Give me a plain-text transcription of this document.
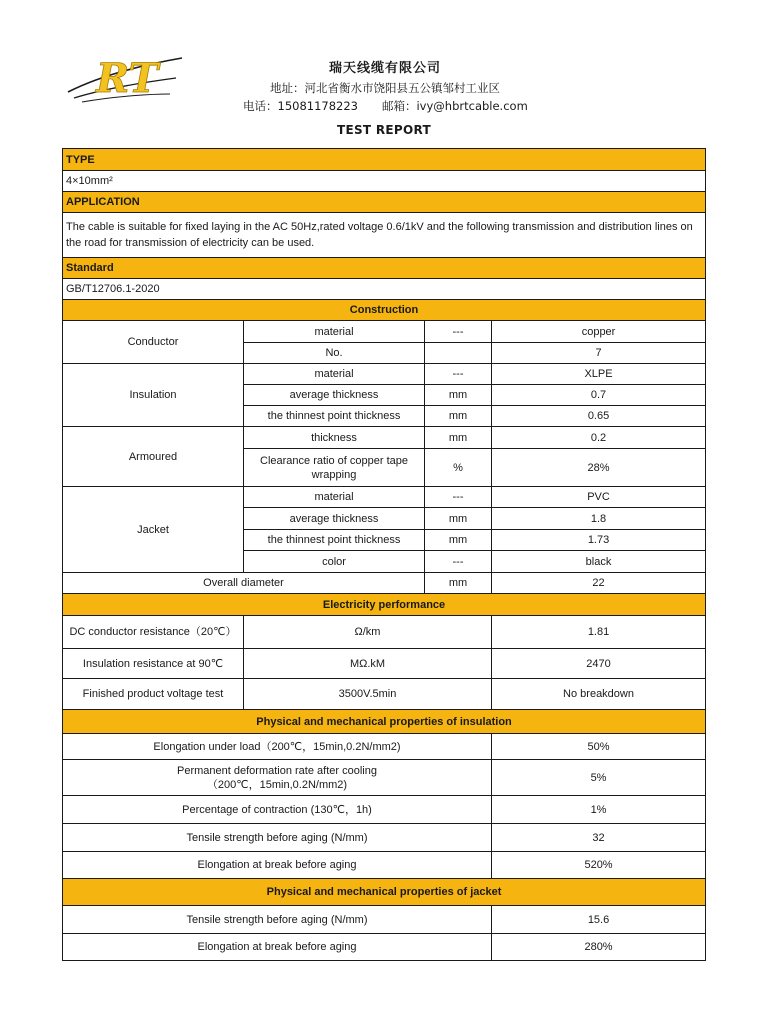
RT	瑞天线缆有限公司
地址：河北省衡水市饶阳县五公镇邹村工业区
电话：15081178223 邮箱：ivy@hbrtcable.com
TEST REPORT
TYPE			
4×10mm²			
APPLICATION			
The cable is suitable for fixed laying in the AC 50Hz,rated voltage 0.6/1kV and the following transmission and distribution lines on the road for transmission of electricity can be used.			
Standard			
GB/T12706.1-2020			
Construction			
Conductor	material	---	copper
	No.		7
Insulation	material	---	XLPE
	average thickness	mm	0.7
	the thinnest point thickness	mm	0.65
Armoured	thickness	mm	0.2
	Clearance ratio of copper tape wrapping	%	28%
Jacket	material	---	PVC
	average thickness	mm	1.8
	the thinnest point thickness	mm	1.73
	color	---	black
Overall diameter		mm	22
Electricity performance			
DC conductor resistance（20℃）	Ω/km		1.81
Insulation resistance at 90℃	MΩ.kM		2470
Finished product voltage test	3500V.5min		No breakdown
Physical and mechanical properties of insulation			
Elongation under load（200℃，15min,0.2N/mm2)			50%
Permanent deformation rate after cooling （200℃，15min,0.2N/mm2)			5%
Percentage of contraction (130℃，1h)			1%
Tensile strength before aging (N/mm)			32
Elongation at break before aging			520%
Physical and mechanical properties of jacket			
Tensile strength before aging (N/mm)			15.6
Elongation at break before aging			280%
